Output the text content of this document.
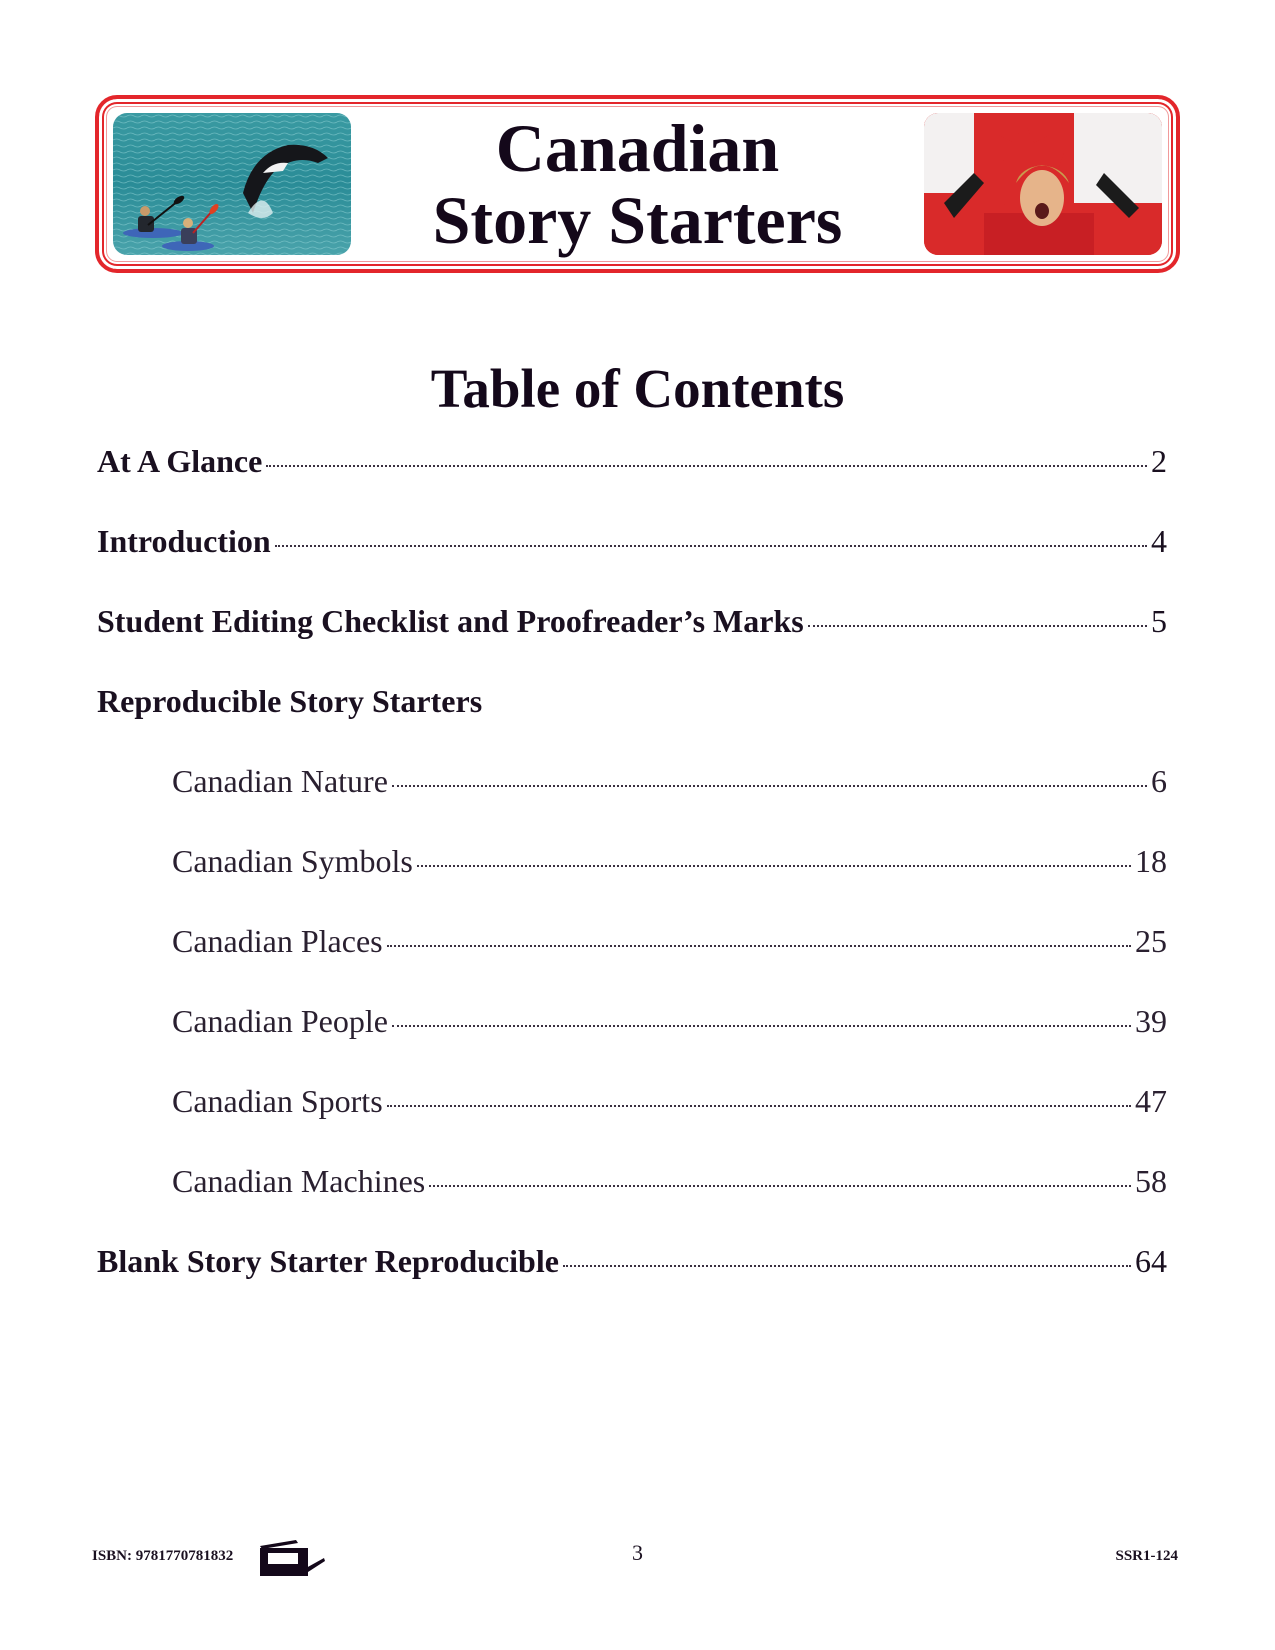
Canadian
Story Starters
Table of Contents
At A Glance	2
Introduction	4
Student Editing Checklist and Proofreader’s Marks	5
Reproducible Story Starters
Canadian Nature	6
Canadian Symbols	18
Canadian Places	25
Canadian People	39
Canadian Sports	47
Canadian Machines	58
Blank Story Starter Reproducible	64
ISBN: 9781770781832	3	SSR1-124
